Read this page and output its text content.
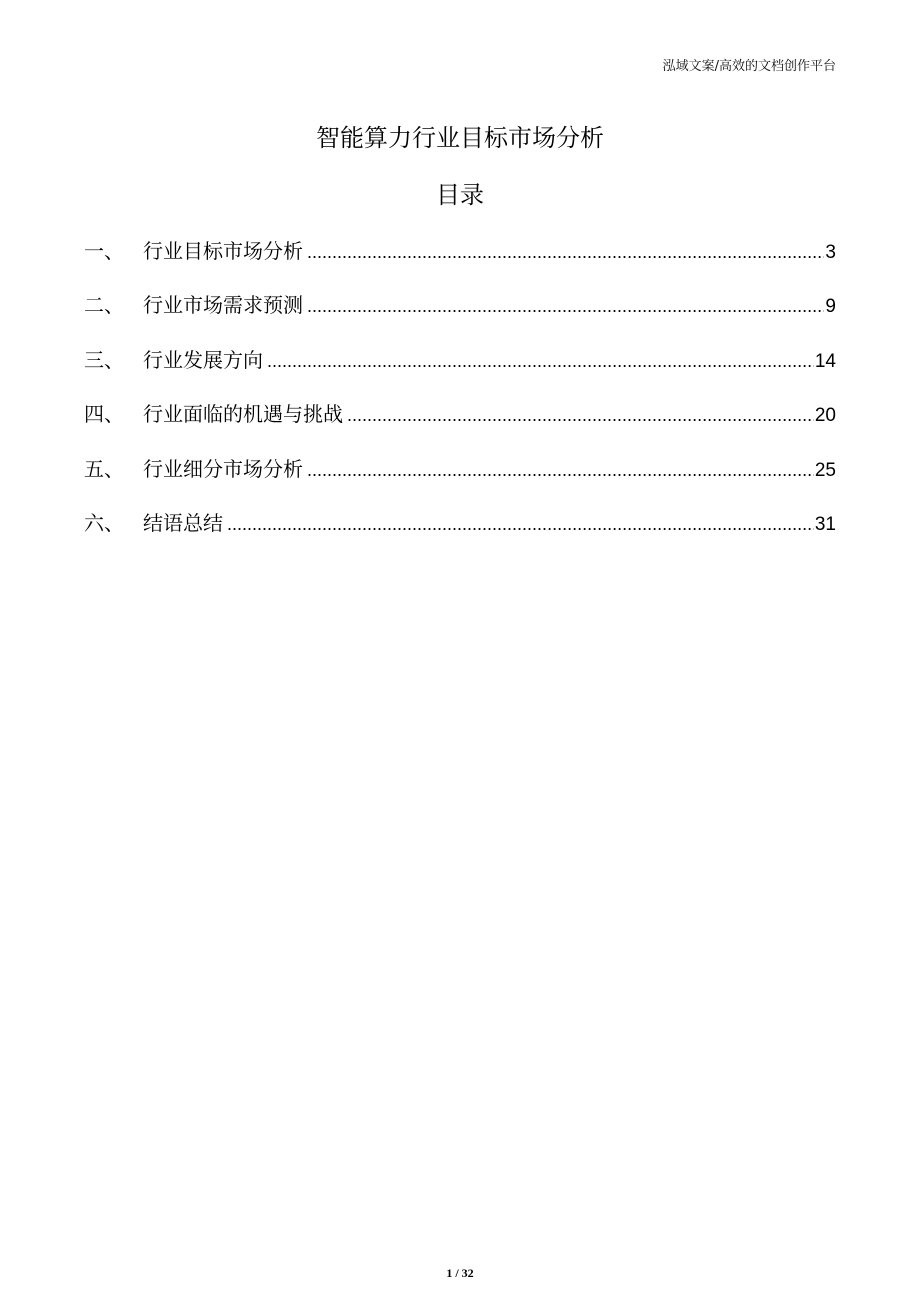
泓域文案/高效的文档创作平台
智能算力行业目标市场分析
目录
一、 行业目标市场分析 .....	3
二、 行业市场需求预测 .....	9
三、 行业发展方向 .....	14
四、 行业面临的机遇与挑战 .....	20
五、 行业细分市场分析 .....	25
六、 结语总结 .....	31
1 / 32
